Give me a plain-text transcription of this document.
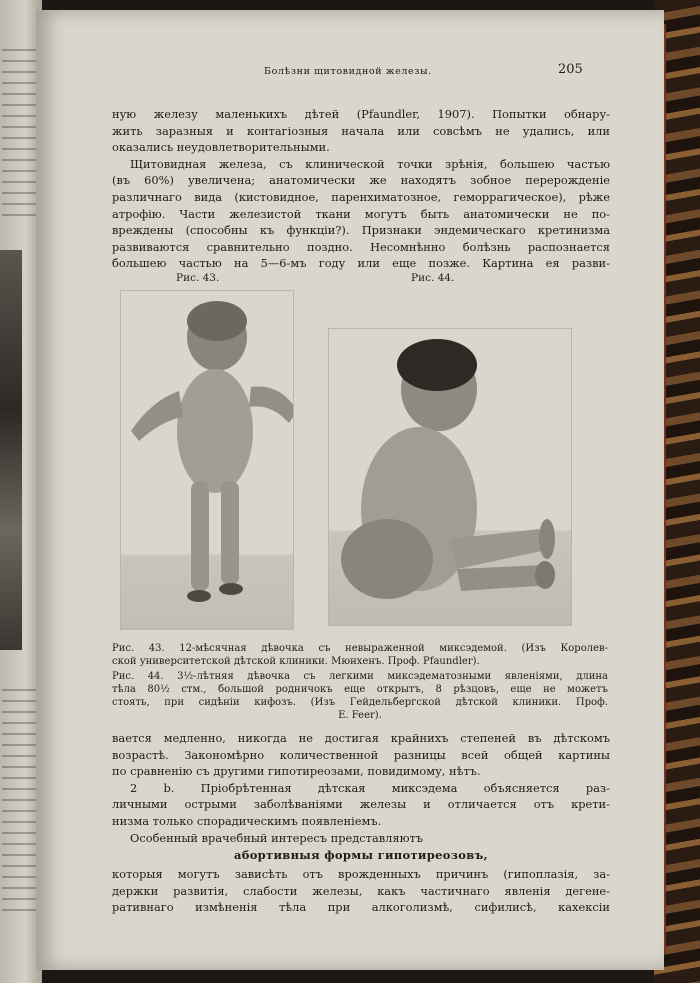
Болѣзни щитовидной железы.	205
ную железу маленькихъ дѣтей (Pfaundler, 1907). Попытки обнару-
жить заразныя и контагіозныя начала или совсѣмъ не удались, или
оказались неудовлетворительными.
Щитовидная железа, съ клинической точки зрѣнія, большею частью
(въ 60%) увеличена; анатомически же находятъ зобное перерожденіе
различнаго вида (кистовидное, паренхиматозное, геморрагическое), рѣже
атрофію. Части железистой ткани могутъ быть анатомически не по-
вреждены (способны къ функціи?). Признаки эндемическаго кретинизма
развиваются сравнительно поздно. Несомнѣнно болѣзнь распознается
большею частью на 5—6-мъ году или еще позже. Картина ея разви-
Рис. 43.	Рис. 44.
Рис. 43. 12-мѣсячная дѣвочка съ невыраженной миксэдемой. (Изъ Королев-
ской университетской дѣтской клиники. Мюнхенъ. Проф. Pfaundler).
Рис. 44. 3½-лѣтняя дѣвочка съ легкими миксэдематозными явленіями, длина
тѣла 80½ стм., большой родничокъ еще открытъ, 8 рѣзцовъ, еще не можетъ
стоять, при сидѣніи кифозъ. (Изъ Гейдельбергской дѣтской клиники. Проф.
E. Feer).
вается медленно, никогда не достигая крайнихъ степеней въ дѣтскомъ
возрастѣ. Закономѣрно количественной разницы всей общей картины
по сравненію съ другими гипотиреозами, повидимому, нѣтъ.
2 b. Пріобрѣтенная дѣтская миксэдема объясняется раз-
личными острыми заболѣваніями железы и отличается отъ крети-
низма только спорадическимъ появленіемъ.
Особенный врачебный интересъ представляютъ
абортивныя формы гипотиреозовъ,
которыя могутъ зависѣть отъ врожденныхъ причинъ (гипоплазія, за-
держки развитія, слабости железы, какъ частичнаго явленія дегене-
ративнаго измѣненія тѣла при алкоголизмѣ, сифилисѣ, кахексіи
